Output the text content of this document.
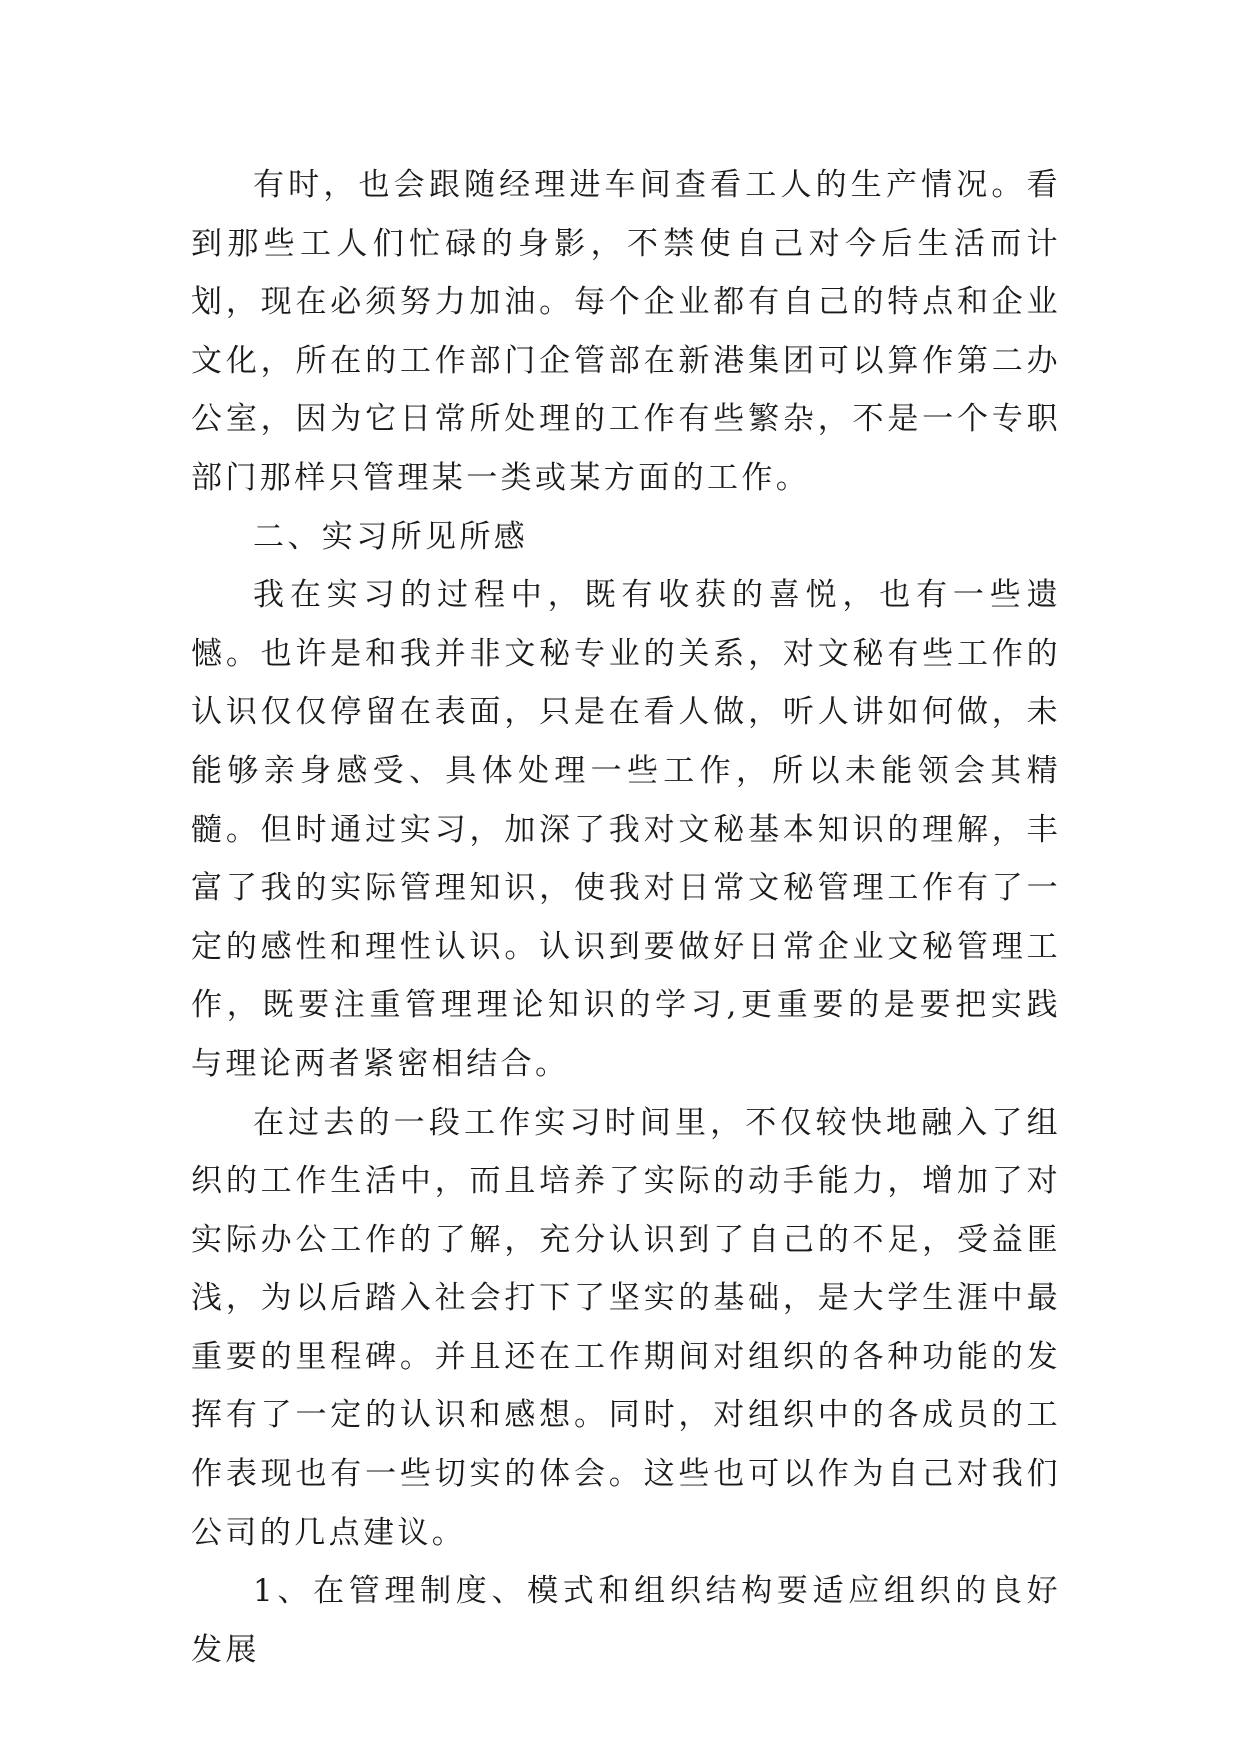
有时，也会跟随经理进车间查看工人的生产情况。看到那些工人们忙碌的身影，不禁使自己对今后生活而计划，现在必须努力加油。每个企业都有自己的特点和企业文化，所在的工作部门企管部在新港集团可以算作第二办公室，因为它日常所处理的工作有些繁杂，不是一个专职部门那样只管理某一类或某方面的工作。

二、实习所见所感

我在实习的过程中，既有收获的喜悦，也有一些遗憾。也许是和我并非文秘专业的关系，对文秘有些工作的认识仅仅停留在表面，只是在看人做，听人讲如何做，未能够亲身感受、具体处理一些工作，所以未能领会其精髓。但时通过实习，加深了我对文秘基本知识的理解，丰富了我的实际管理知识，使我对日常文秘管理工作有了一定的感性和理性认识。认识到要做好日常企业文秘管理工作，既要注重管理理论知识的学习,更重要的是要把实践与理论两者紧密相结合。

在过去的一段工作实习时间里，不仅较快地融入了组织的工作生活中，而且培养了实际的动手能力，增加了对实际办公工作的了解，充分认识到了自己的不足，受益匪浅，为以后踏入社会打下了坚实的基础，是大学生涯中最重要的里程碑。并且还在工作期间对组织的各种功能的发挥有了一定的认识和感想。同时，对组织中的各成员的工作表现也有一些切实的体会。这些也可以作为自己对我们公司的几点建议。

1、在管理制度、模式和组织结构要适应组织的良好发展
